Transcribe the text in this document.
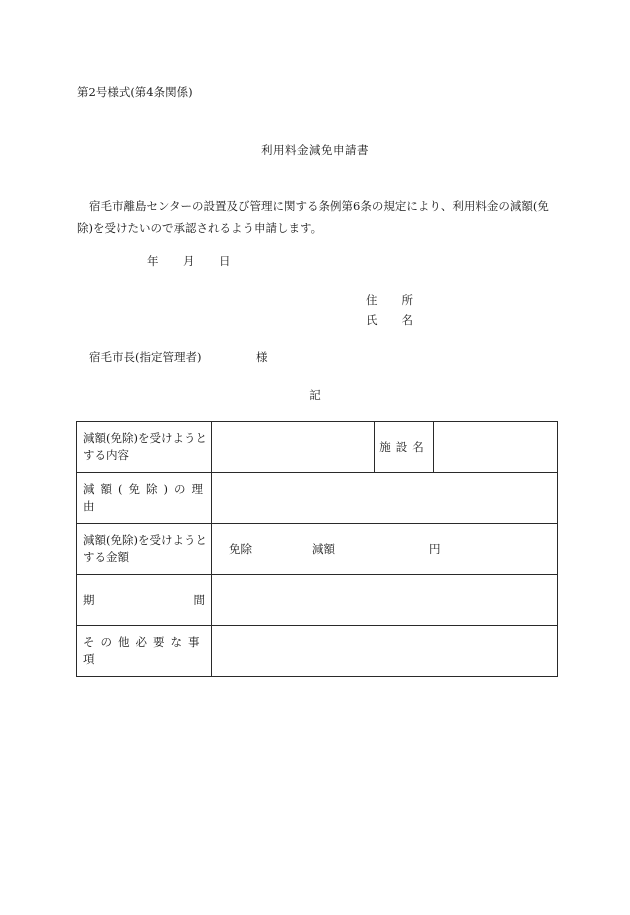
第2号様式(第4条関係)
利用料金減免申請書
宿毛市離島センターの設置及び管理に関する条例第6条の規定により、利用料金の減額(免除)を受けたいので承認されるよう申請します。
年 月 日
住 所
氏 名
宿毛市長(指定管理者)	様
記
減額(免除)を受けようとする内容		施設名	
減額(免除)の理由			
減額(免除)を受けようとする金額	免除 減額 円		

期 間			

その他必要な事項			
